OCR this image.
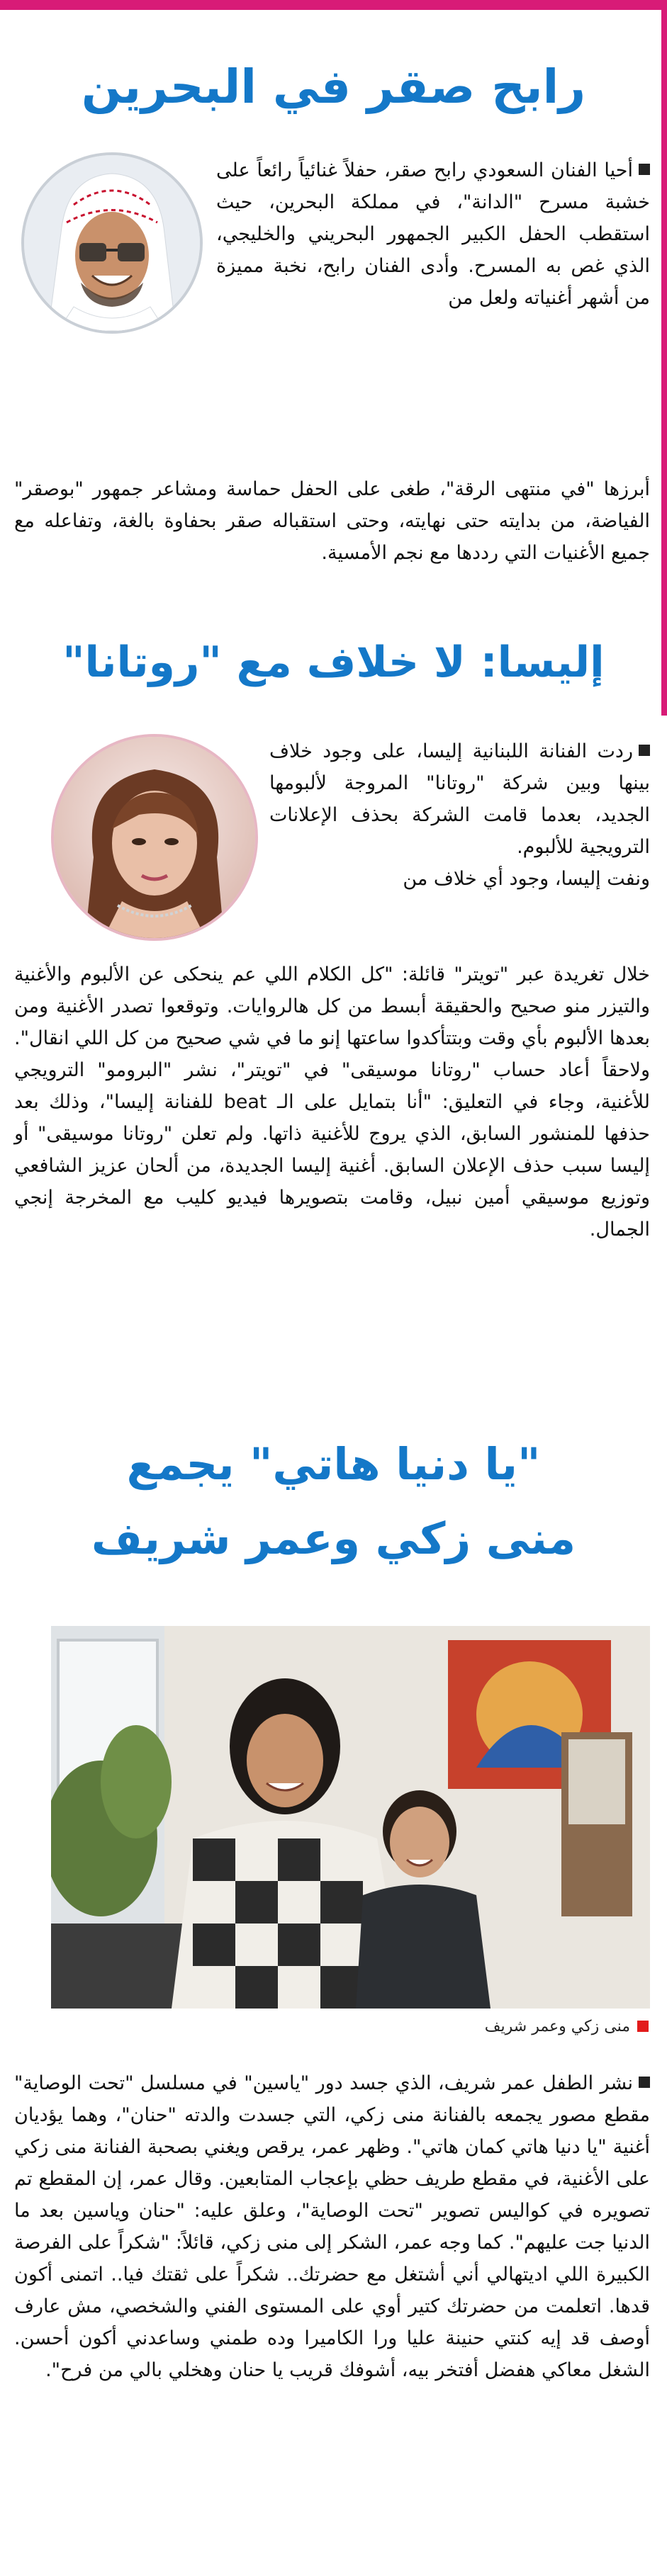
رابح صقر في البحرين

أحيا الفنان السعودي رابح صقر، حفلاً غنائياً رائعاً على خشبة مسرح "الدانة"، في مملكة البحرين، حيث استقطب الحفل الكبير الجمهور البحريني والخليجي، الذي غص به المسرح. وأدى الفنان رابح، نخبة مميزة من أشهر أغنياته ولعل من

أبرزها "في منتهى الرقة"، طغى على الحفل حماسة ومشاعر جمهور "بوصقر" الفياضة، من بدايته حتى نهايته، وحتى استقباله صقر بحفاوة بالغة، وتفاعله مع جميع الأغنيات التي رددها مع نجم الأمسية.

إليسا: لا خلاف مع "روتانا"

ردت الفنانة اللبنانية إليسا، على وجود خلاف بينها وبين شركة "روتانا" المروجة لألبومها الجديد، بعدما قامت الشركة بحذف الإعلانات الترويجية للألبوم.

ونفت إليسا، وجود أي خلاف من

خلال تغريدة عبر "تويتر" قائلة: "كل الكلام اللي عم ينحكى عن الألبوم والأغنية والتيزر منو صحيح والحقيقة أبسط من كل هالروايات. وتوقعوا تصدر الأغنية ومن بعدها الألبوم بأي وقت وبتتأكدوا ساعتها إنو ما في شي صحيح من كل اللي انقال". ولاحقاً أعاد حساب "روتانا موسيقى" في "تويتر"، نشر "البرومو" الترويجي للأغنية، وجاء في التعليق: "أنا بتمايل على الـ beat للفنانة إليسا"، وذلك بعد حذفها للمنشور السابق، الذي يروج للأغنية ذاتها. ولم تعلن "روتانا موسيقى" أو إليسا سبب حذف الإعلان السابق. أغنية إليسا الجديدة، من ألحان عزيز الشافعي وتوزيع موسيقي أمين نبيل، وقامت بتصويرها فيديو كليب مع المخرجة إنجي الجمال.

"يا دنيا هاتي" يجمع
منى زكي وعمر شريف
منى زكي وعمر شريف

نشر الطفل عمر شريف، الذي جسد دور "ياسين" في مسلسل "تحت الوصاية" مقطع مصور يجمعه بالفنانة منى زكي، التي جسدت والدته "حنان"، وهما يؤديان أغنية "يا دنيا هاتي كمان هاتي". وظهر عمر، يرقص ويغني بصحبة الفنانة منى زكي على الأغنية، في مقطع طريف حظي بإعجاب المتابعين. وقال عمر، إن المقطع تم تصويره في كواليس تصوير "تحت الوصاية"، وعلق عليه: "حنان وياسين بعد ما الدنيا جت عليهم". كما وجه عمر، الشكر إلى منى زكي، قائلاً: "شكراً على الفرصة الكبيرة اللي اديتهالي أني أشتغل مع حضرتك.. شكراً على ثقتك فيا.. اتمنى أكون قدها. اتعلمت من حضرتك كتير أوي على المستوى الفني والشخصي، مش عارف أوصف قد إيه كنتي حنينة عليا ورا الكاميرا وده طمني وساعدني أكون أحسن. الشغل معاكي هفضل أفتخر بيه، أشوفك قريب يا حنان وهخلي بالي من فرح".
